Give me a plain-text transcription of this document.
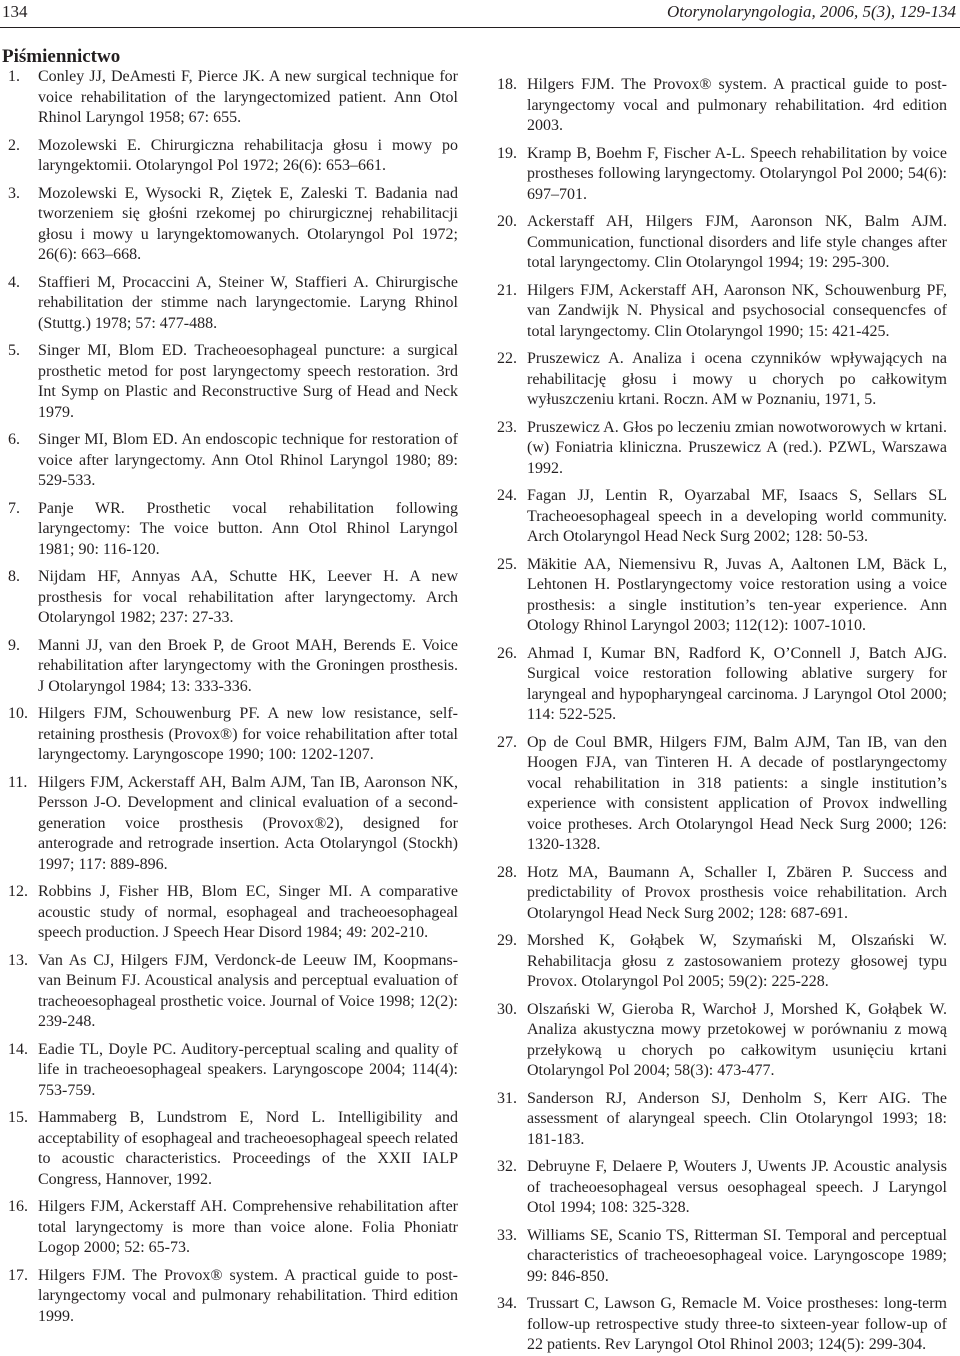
134	Otorynolaryngologia, 2006, 5(3), 129-134
Piśmiennictwo
1.	Conley JJ, DeAmesti F, Pierce JK. A new surgical technique for voice rehabilitation of the laryngectomized patient. Ann Otol Rhinol Laryngol 1958; 67: 655.
2.	Mozolewski E. Chirurgiczna rehabilitacja głosu i mowy po laryngektomii. Otolaryngol Pol 1972; 26(6): 653–661.
3.	Mozolewski E, Wysocki R, Ziętek E, Zaleski T. Badania nad tworzeniem się głośni rzekomej po chirurgicznej rehabilitacji głosu i mowy u laryngektomowanych. Otolaryngol Pol 1972; 26(6): 663–668.
4.	Staffieri M, Procaccini A, Steiner W, Staffieri A. Chirurgische rehabilitation der stimme nach laryngectomie. Laryng Rhinol (Stuttg.) 1978; 57: 477-488.
5.	Singer MI, Blom ED. Tracheoesophageal puncture: a surgical prosthetic metod for post laryngectomy speech restoration. 3rd Int Symp on Plastic and Reconstructive Surg of Head and Neck 1979.
6.	Singer MI, Blom ED. An endoscopic technique for restoration of voice after laryngectomy. Ann Otol Rhinol Laryngol 1980; 89: 529-533.
7.	Panje WR. Prosthetic vocal rehabilitation following laryngectomy: The voice button. Ann Otol Rhinol Laryngol 1981; 90: 116-120.
8.	Nijdam HF, Annyas AA, Schutte HK, Leever H. A new prosthesis for vocal rehabilitation after laryngectomy. Arch Otolaryngol 1982; 237: 27-33.
9.	Manni JJ, van den Broek P, de Groot MAH, Berends E. Voice rehabilitation after laryngectomy with the Groningen prosthesis. J Otolaryngol 1984; 13: 333-336.
10. Hilgers FJM, Schouwenburg PF. A new low resistance, self-retaining prosthesis (Provox®) for voice rehabilitation after total laryngectomy. Laryngoscope 1990; 100: 1202-1207.
11. Hilgers FJM, Ackerstaff AH, Balm AJM, Tan IB, Aaronson NK, Persson J-O. Development and clinical evaluation of a second-generation voice prosthesis (Provox®2), designed for anterograde and retrograde insertion. Acta Otolaryngol (Stockh) 1997; 117: 889-896.
12. Robbins J, Fisher HB, Blom EC, Singer MI. A comparative acoustic study of normal, esophageal and tracheoesophageal speech production. J Speech Hear Disord 1984; 49: 202-210.
13. Van As CJ, Hilgers FJM, Verdonck-de Leeuw IM, Koopmans-van Beinum FJ. Acoustical analysis and perceptual evaluation of tracheoesophageal prosthetic voice. Journal of Voice 1998; 12(2): 239-248.
14. Eadie TL, Doyle PC. Auditory-perceptual scaling and quality of life in tracheoesophageal speakers. Laryngoscope 2004; 114(4): 753-759.
15. Hammaberg B, Lundstrom E, Nord L. Intelligibility and acceptability of esophageal and tracheoesophageal speech related to acoustic characteristics. Proceedings of the XXII IALP Congress, Hannover, 1992.
16. Hilgers FJM, Ackerstaff AH. Comprehensive rehabilitation after total laryngectomy is more than voice alone. Folia Phoniatr Logop 2000; 52: 65-73.
17. Hilgers FJM. The Provox® system. A practical guide to post-laryngectomy vocal and pulmonary rehabilitation. Third edition 1999.
18. Hilgers FJM. The Provox® system. A practical guide to post-laryngectomy vocal and pulmonary rehabilitation. 4rd edition 2003.
19. Kramp B, Boehm F, Fischer A-L. Speech rehabilitation by voice prostheses following laryngectomy. Otolaryngol Pol 2000; 54(6): 697–701.
20. Ackerstaff AH, Hilgers FJM, Aaronson NK, Balm AJM. Communication, functional disorders and life style changes after total laryngectomy. Clin Otolaryngol 1994; 19: 295-300.
21. Hilgers FJM, Ackerstaff AH, Aaronson NK, Schouwenburg PF, van Zandwijk N. Physical and psychosocial consequencfes of total laryngectomy. Clin Otolaryngol 1990; 15: 421-425.
22. Pruszewicz A. Analiza i ocena czynników wpływających na rehabilitację głosu i mowy u chorych po całkowitym wyłuszczeniu krtani. Roczn. AM w Poznaniu, 1971, 5.
23. Pruszewicz A. Głos po leczeniu zmian nowotworowych w krtani. (w) Foniatria kliniczna. Pruszewicz A (red.). PZWL, Warszawa 1992.
24. Fagan JJ, Lentin R, Oyarzabal MF, Isaacs S, Sellars SL Tracheoesophageal speech in a developing world community. Arch Otolaryngol Head Neck Surg 2002; 128: 50-53.
25. Mäkitie AA, Niemensivu R, Juvas A, Aaltonen LM, Bäck L, Lehtonen H. Postlaryngectomy voice restoration using a voice prosthesis: a single institution’s ten-year experience. Ann Otology Rhinol Laryngol 2003; 112(12): 1007-1010.
26. Ahmad I, Kumar BN, Radford K, O’Connell J, Batch AJG. Surgical voice restoration following ablative surgery for laryngeal and hypopharyngeal carcinoma. J Laryngol Otol 2000; 114: 522-525.
27. Op de Coul BMR, Hilgers FJM, Balm AJM, Tan IB, van den Hoogen FJA, van Tinteren H. A decade of postlaryngectomy vocal rehabilitation in 318 patients: a single institution’s experience with consistent application of Provox indwelling voice protheses. Arch Otolaryngol Head Neck Surg 2000; 126: 1320-1328.
28. Hotz MA, Baumann A, Schaller I, Zbären P. Success and predictability of Provox prosthesis voice rehabilitation. Arch Otolaryngol Head Neck Surg 2002; 128: 687-691.
29. Morshed K, Gołąbek W, Szymański M, Olszański W. Rehabilitacja głosu z zastosowaniem protezy głosowej typu Provox. Otolaryngol Pol 2005; 59(2): 225-228.
30. Olszański W, Gieroba R, Warchoł J, Morshed K, Gołąbek W. Analiza akustyczna mowy przetokowej w porównaniu z mową przełykową u chorych po całkowitym usunięciu krtani Otolaryngol Pol 2004; 58(3): 473-477.
31. Sanderson RJ, Anderson SJ, Denholm S, Kerr AIG. The assessment of alaryngeal speech. Clin Otolaryngol 1993; 18: 181-183.
32. Debruyne F, Delaere P, Wouters J, Uwents JP. Acoustic analysis of tracheoesophageal versus oesophageal speech. J Laryngol Otol 1994; 108: 325-328.
33. Williams SE, Scanio TS, Ritterman SI. Temporal and perceptual characteristics of tracheoesophageal voice. Laryngoscope 1989; 99: 846-850.
34. Trussart C, Lawson G, Remacle M. Voice prostheses: long-term follow-up retrospective study three-to sixteen-year follow-up of 22 patients. Rev Laryngol Otol Rhinol 2003; 124(5): 299-304.
